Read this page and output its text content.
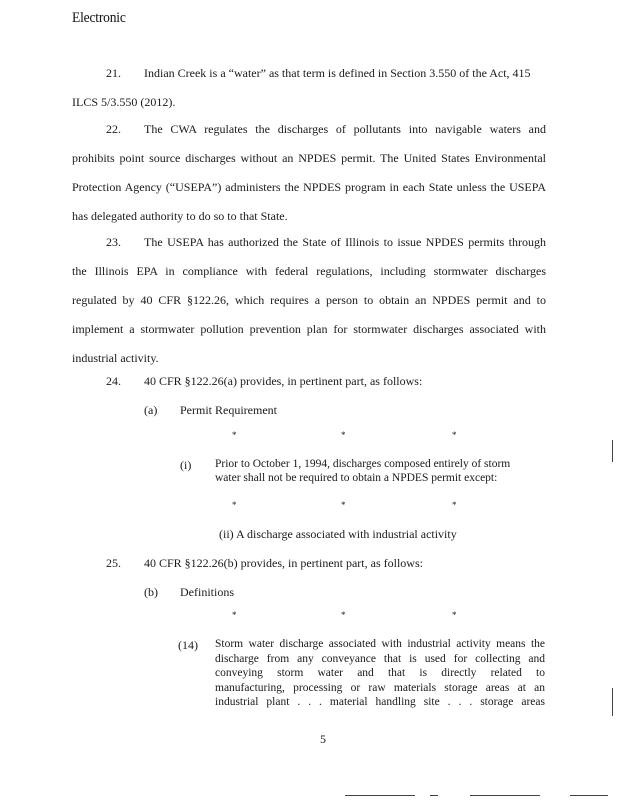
Electronic
21. Indian Creek is a “water” as that term is defined in Section 3.550 of the Act, 415
ILCS 5/3.550 (2012).
22. The CWA regulates the discharges of pollutants into navigable waters and
prohibits point source discharges without an NPDES permit. The United States Environmental
Protection Agency (“USEPA”) administers the NPDES program in each State unless the USEPA
has delegated authority to do so to that State.
23. The USEPA has authorized the State of Illinois to issue NPDES permits through
the Illinois EPA in compliance with federal regulations, including stormwater discharges
regulated by 40 CFR §122.26, which requires a person to obtain an NPDES permit and to
implement a stormwater pollution prevention plan for stormwater discharges associated with
industrial activity.
24. 40 CFR §122.26(a) provides, in pertinent part, as follows:
(a) Permit Requirement
*	*	*
(i) Prior to October 1, 1994, discharges composed entirely of storm
water shall not be required to obtain a NPDES permit except:
*	*	*
(ii) A discharge associated with industrial activity
25. 40 CFR §122.26(b) provides, in pertinent part, as follows:
(b) Definitions
*	*	*
(14) Storm water discharge associated with industrial activity means the
discharge from any conveyance that is used for collecting and
conveying storm water and that is directly related to
manufacturing, processing or raw materials storage areas at an
industrial plant . . . material handling site . . . storage areas
5
